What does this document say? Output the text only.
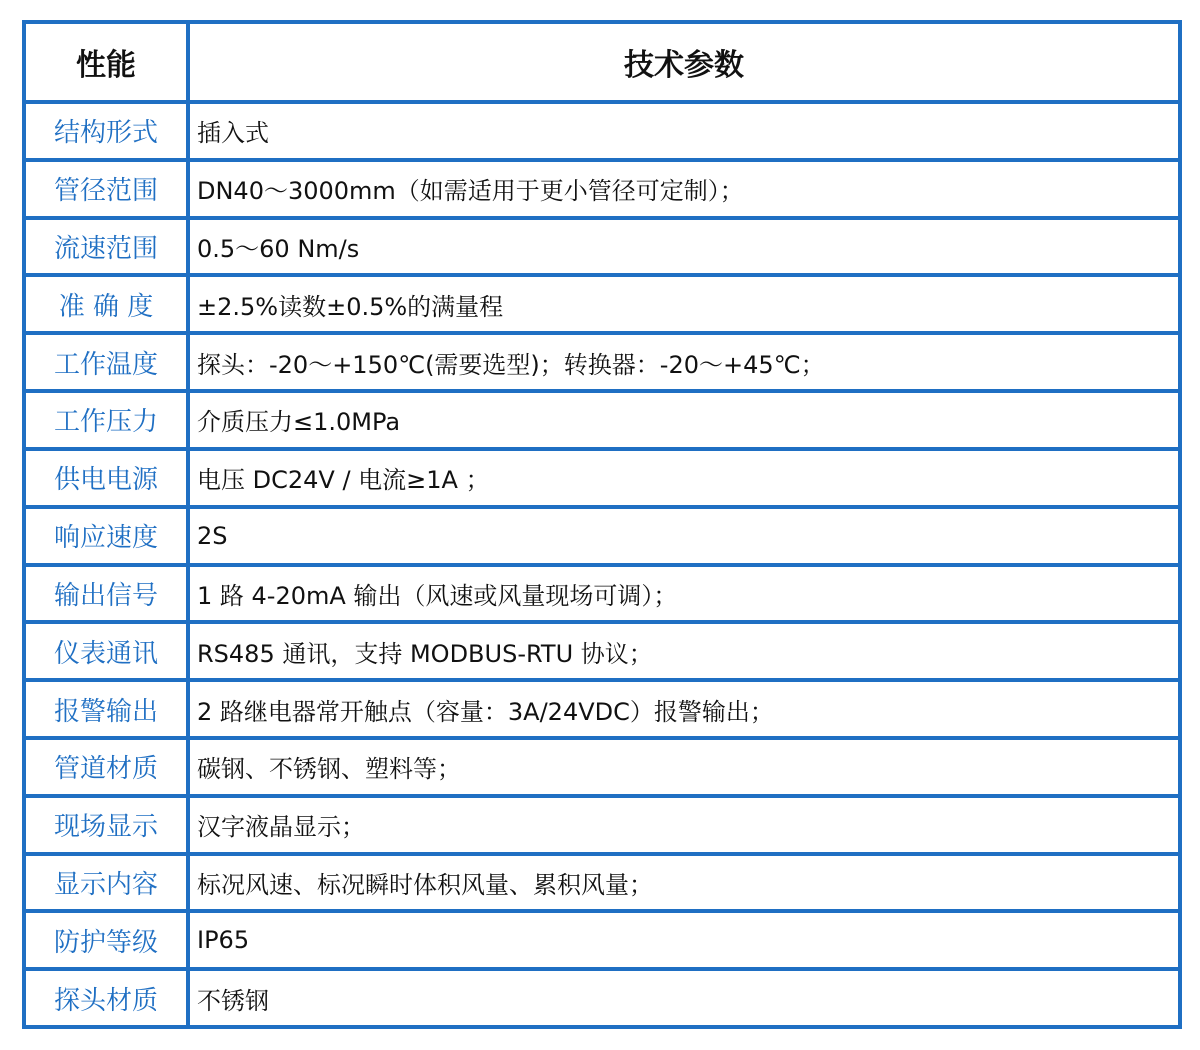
性能	技术参数
结构形式	插入式
管径范围	DN40～3000mm（如需适用于更小管径可定制）；
流速范围	0.5～60 Nm/s
准 确 度	±2.5%读数±0.5%的满量程
工作温度	探头：-20～+150℃(需要选型)；转换器：-20～+45℃；
工作压力	介质压力≤1.0MPa
供电电源	电压 DC24V / 电流≥1A ；
响应速度	2S
输出信号	1 路 4-20mA 输出（风速或风量现场可调）；
仪表通讯	RS485 通讯，支持 MODBUS-RTU 协议；
报警输出	2 路继电器常开触点（容量：3A/24VDC）报警输出；
管道材质	碳钢、不锈钢、塑料等；
现场显示	汉字液晶显示；
显示内容	标况风速、标况瞬时体积风量、累积风量；
防护等级	IP65
探头材质	不锈钢
